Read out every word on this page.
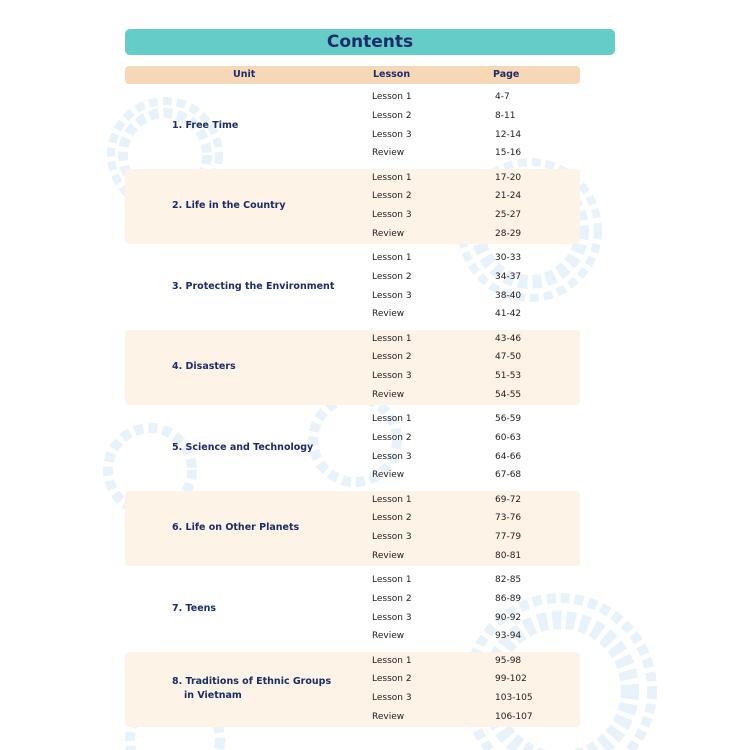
Contents
Unit	Lesson	Page
1. Free Time
Lesson 1	4-7
Lesson 2	8-11
Lesson 3	12-14
Review	15-16
2. Life in the Country
Lesson 1	17-20
Lesson 2	21-24
Lesson 3	25-27
Review	28-29
3. Protecting the Environment
Lesson 1	30-33
Lesson 2	34-37
Lesson 3	38-40
Review	41-42
4. Disasters
Lesson 1	43-46
Lesson 2	47-50
Lesson 3	51-53
Review	54-55
5. Science and Technology
Lesson 1	56-59
Lesson 2	60-63
Lesson 3	64-66
Review	67-68
6. Life on Other Planets
Lesson 1	69-72
Lesson 2	73-76
Lesson 3	77-79
Review	80-81
7. Teens
Lesson 1	82-85
Lesson 2	86-89
Lesson 3	90-92
Review	93-94
8. Traditions of Ethnic Groups in Vietnam
Lesson 1	95-98
Lesson 2	99-102
Lesson 3	103-105
Review	106-107
